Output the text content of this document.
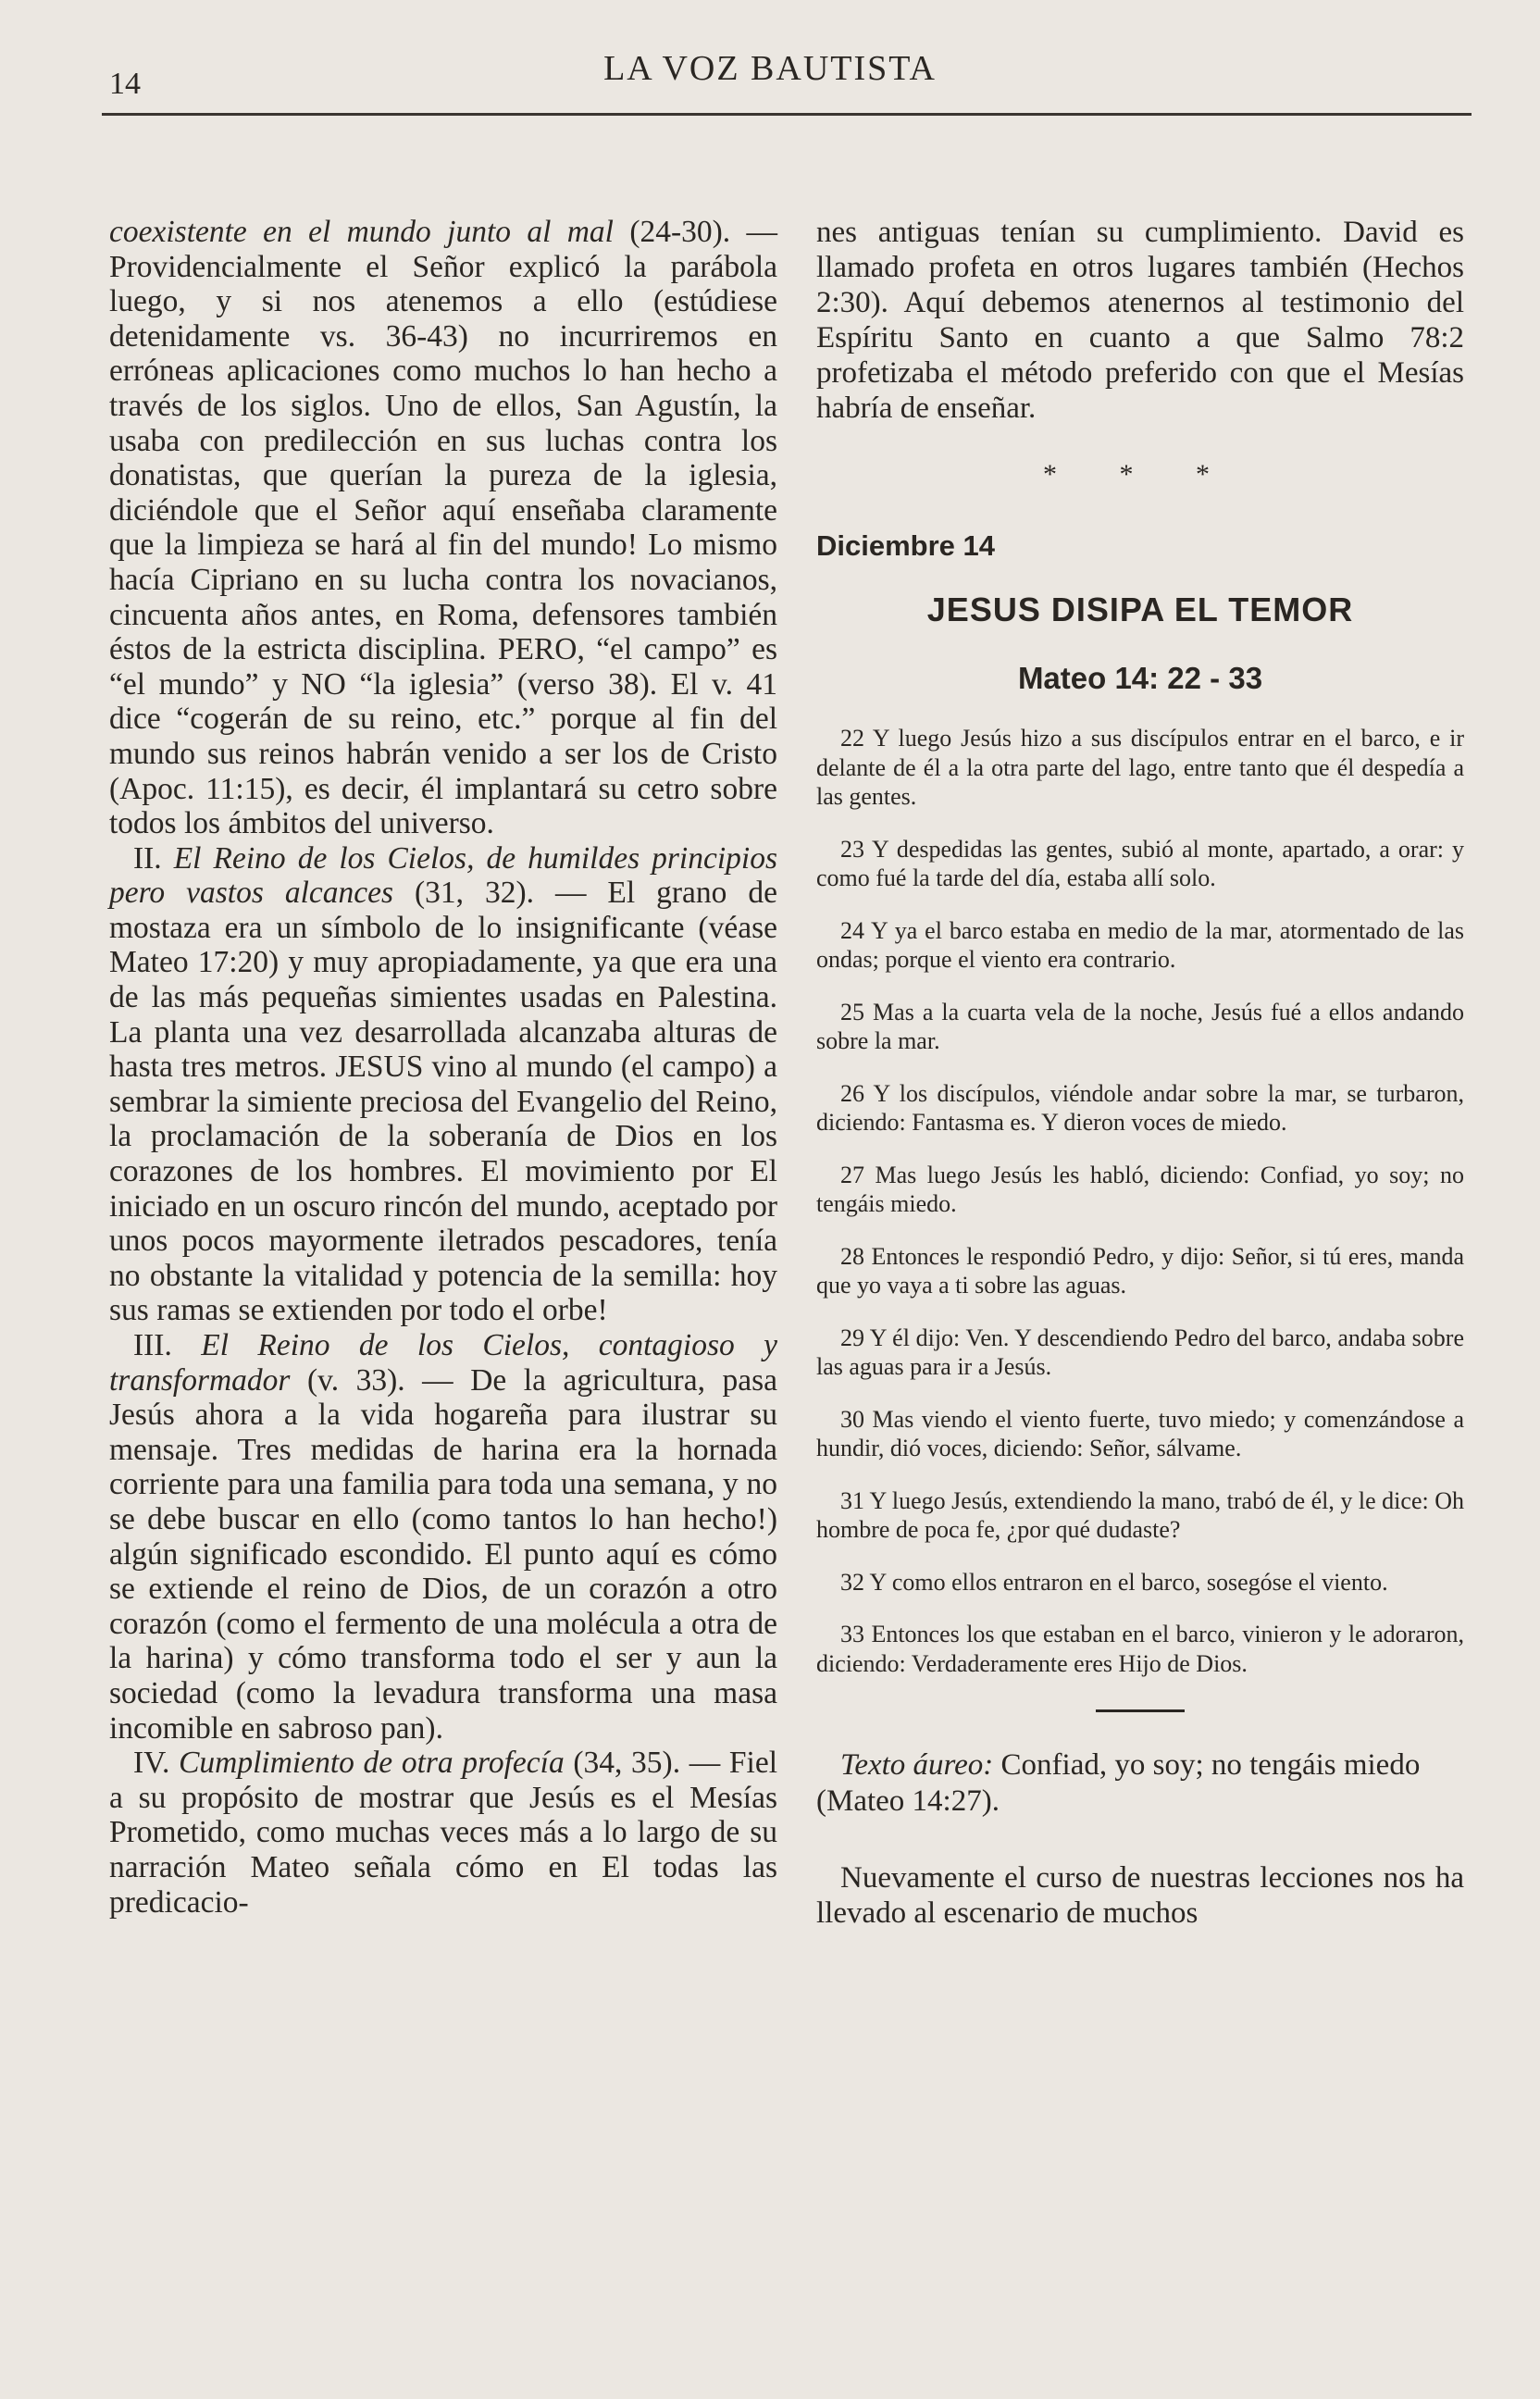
14	LA VOZ BAUTISTA

coexistente en el mundo junto al mal (24-30). — Providencialmente el Señor explicó la parábola luego, y si nos atenemos a ello (estúdiese detenidamente vs. 36-43) no incurriremos en erróneas aplicaciones como muchos lo han hecho a través de los siglos. Uno de ellos, San Agustín, la usaba con predilección en sus luchas contra los donatistas, que querían la pureza de la iglesia, diciéndole que el Señor aquí enseñaba claramente que la limpieza se hará al fin del mundo! Lo mismo hacía Cipriano en su lucha contra los novacianos, cincuenta años antes, en Roma, defensores también éstos de la estricta disciplina. PERO, “el campo” es “el mundo” y NO “la iglesia” (verso 38). El v. 41 dice “cogerán de su reino, etc.” porque al fin del mundo sus reinos habrán venido a ser los de Cristo (Apoc. 11:15), es decir, él implantará su cetro sobre todos los ámbitos del universo.

II. El Reino de los Cielos, de humildes principios pero vastos alcances (31, 32). — El grano de mostaza era un símbolo de lo insignificante (véase Mateo 17:20) y muy apropiadamente, ya que era una de las más pequeñas simientes usadas en Palestina. La planta una vez desarrollada alcanzaba alturas de hasta tres metros. JESUS vino al mundo (el campo) a sembrar la simiente preciosa del Evangelio del Reino, la proclamación de la soberanía de Dios en los corazones de los hombres. El movimiento por El iniciado en un oscuro rincón del mundo, aceptado por unos pocos mayormente iletrados pescadores, tenía no obstante la vitalidad y potencia de la semilla: hoy sus ramas se extienden por todo el orbe!

III. El Reino de los Cielos, contagioso y transformador (v. 33). — De la agricultura, pasa Jesús ahora a la vida hogareña para ilustrar su mensaje. Tres medidas de harina era la hornada corriente para una familia para toda una semana, y no se debe buscar en ello (como tantos lo han hecho!) algún significado escondido. El punto aquí es cómo se extiende el reino de Dios, de un corazón a otro corazón (como el fermento de una molécula a otra de la harina) y cómo transforma todo el ser y aun la sociedad (como la levadura transforma una masa incomible en sabroso pan).

IV. Cumplimiento de otra profecía (34, 35). — Fiel a su propósito de mostrar que Jesús es el Mesías Prometido, como muchas veces más a lo largo de su narración Mateo señala cómo en El todas las predicacio-

nes antiguas tenían su cumplimiento. David es llamado profeta en otros lugares también (Hechos 2:30). Aquí debemos atenernos al testimonio del Espíritu Santo en cuanto a que Salmo 78:2 profetizaba el método preferido con que el Mesías habría de enseñar.

* * *
Diciembre 14
JESUS DISIPA EL TEMOR
Mateo 14: 22 - 33

22 Y luego Jesús hizo a sus discípulos entrar en el barco, e ir delante de él a la otra parte del lago, entre tanto que él despedía a las gentes.

23 Y despedidas las gentes, subió al monte, apartado, a orar: y como fué la tarde del día, estaba allí solo.

24 Y ya el barco estaba en medio de la mar, atormentado de las ondas; porque el viento era contrario.

25 Mas a la cuarta vela de la noche, Jesús fué a ellos andando sobre la mar.

26 Y los discípulos, viéndole andar sobre la mar, se turbaron, diciendo: Fantasma es. Y dieron voces de miedo.

27 Mas luego Jesús les habló, diciendo: Confiad, yo soy; no tengáis miedo.

28 Entonces le respondió Pedro, y dijo: Señor, si tú eres, manda que yo vaya a ti sobre las aguas.

29 Y él dijo: Ven. Y descendiendo Pedro del barco, andaba sobre las aguas para ir a Jesús.

30 Mas viendo el viento fuerte, tuvo miedo; y comenzándose a hundir, dió voces, diciendo: Señor, sálvame.

31 Y luego Jesús, extendiendo la mano, trabó de él, y le dice: Oh hombre de poca fe, ¿por qué dudaste?

32 Y como ellos entraron en el barco, sosegóse el viento.

33 Entonces los que estaban en el barco, vinieron y le adoraron, diciendo: Verdaderamente eres Hijo de Dios.

Texto áureo: Confiad, yo soy; no tengáis miedo (Mateo 14:27).

Nuevamente el curso de nuestras lecciones nos ha llevado al escenario de muchos
